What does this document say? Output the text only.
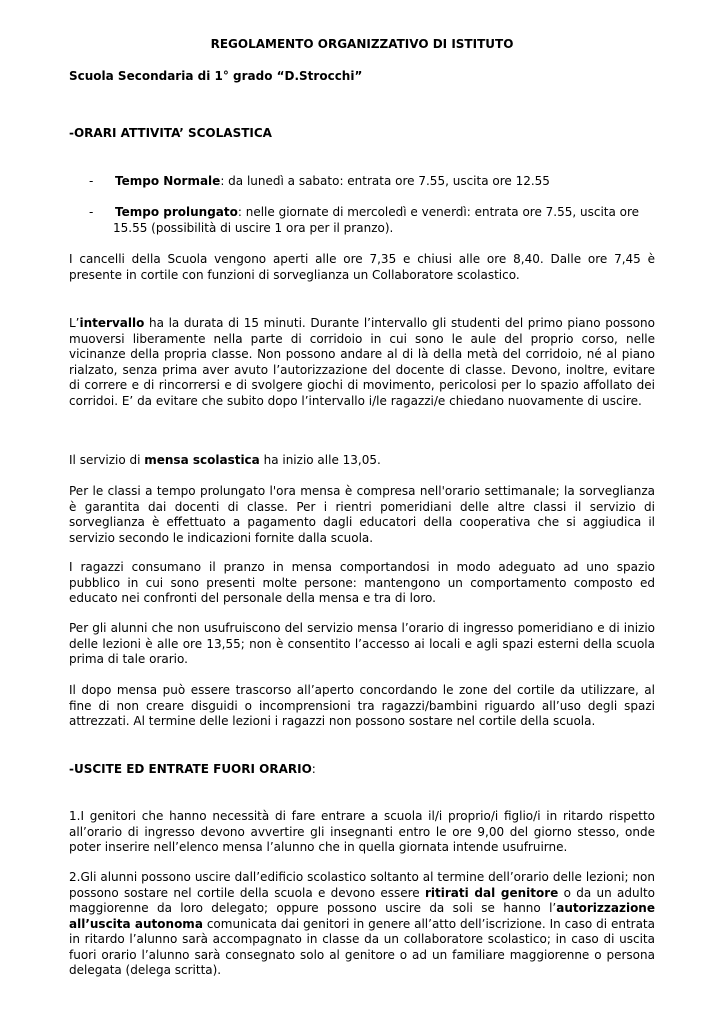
REGOLAMENTO ORGANIZZATIVO DI ISTITUTO

Scuola Secondaria di 1° grado “D.Strocchi”

-ORARI ATTIVITA’ SCOLASTICA

- Tempo Normale: da lunedì a sabato: entrata ore 7.55, uscita ore 12.55
- Tempo prolungato: nelle giornate di mercoledì e venerdì: entrata ore 7.55, uscita ore
15.55 (possibilità di uscire 1 ora per il pranzo).

I cancelli della Scuola vengono aperti alle ore 7,35 e chiusi alle ore 8,40. Dalle ore 7,45 è presente in cortile con funzioni di sorveglianza un Collaboratore scolastico.

L’intervallo ha la durata di 15 minuti. Durante l’intervallo gli studenti del primo piano possono muoversi liberamente nella parte di corridoio in cui sono le aule del proprio corso, nelle vicinanze della propria classe. Non possono andare al di là della metà del corridoio, né al piano rialzato, senza prima aver avuto l’autorizzazione del docente di classe. Devono, inoltre, evitare di correre e di rincorrersi e di svolgere giochi di movimento, pericolosi per lo spazio affollato dei corridoi. E’ da evitare che subito dopo l’intervallo i/le ragazzi/e chiedano nuovamente di uscire.

Il servizio di mensa scolastica ha inizio alle 13,05.

Per le classi a tempo prolungato l'ora mensa è compresa nell'orario settimanale; la sorveglianza è garantita dai docenti di classe. Per i rientri pomeridiani delle altre classi il servizio di sorveglianza è effettuato a pagamento dagli educatori della cooperativa che si aggiudica il servizio secondo le indicazioni fornite dalla scuola.

I ragazzi consumano il pranzo in mensa comportandosi in modo adeguato ad uno spazio pubblico in cui sono presenti molte persone: mantengono un comportamento composto ed educato nei confronti del personale della mensa e tra di loro.

Per gli alunni che non usufruiscono del servizio mensa l’orario di ingresso pomeridiano e di inizio delle lezioni è alle ore 13,55; non è consentito l’accesso ai locali e agli spazi esterni della scuola prima di tale orario.

Il dopo mensa può essere trascorso all’aperto concordando le zone del cortile da utilizzare, al fine di non creare disguidi o incomprensioni tra ragazzi/bambini riguardo all’uso degli spazi attrezzati. Al termine delle lezioni i ragazzi non possono sostare nel cortile della scuola.

-USCITE ED ENTRATE FUORI ORARIO:

1.I genitori che hanno necessità di fare entrare a scuola il/i proprio/i figlio/i in ritardo rispetto all’orario di ingresso devono avvertire gli insegnanti entro le ore 9,00 del giorno stesso, onde poter inserire nell’elenco mensa l’alunno che in quella giornata intende usufruirne.

2.Gli alunni possono uscire dall’edificio scolastico soltanto al termine dell’orario delle lezioni; non possono sostare nel cortile della scuola e devono essere ritirati dal genitore o da un adulto maggiorenne da loro delegato; oppure possono uscire da soli se hanno l’autorizzazione all’uscita autonoma comunicata dai genitori in genere all’atto dell’iscrizione. In caso di entrata in ritardo l’alunno sarà accompagnato in classe da un collaboratore scolastico; in caso di uscita fuori orario l’alunno sarà consegnato solo al genitore o ad un familiare maggiorenne o persona delegata (delega scritta).
